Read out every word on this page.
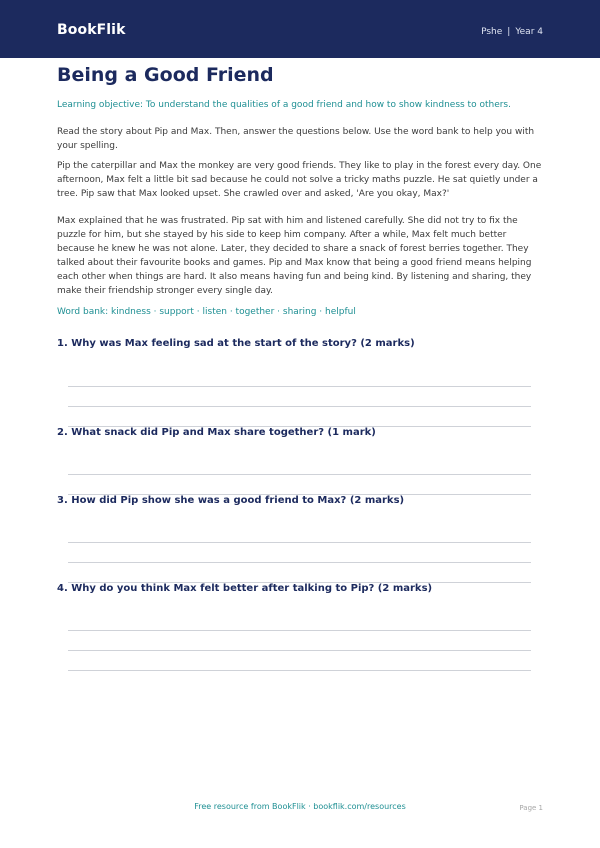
BookFlik	Pshe | Year 4
Being a Good Friend
Learning objective: To understand the qualities of a good friend and how to show kindness to others.
Read the story about Pip and Max. Then, answer the questions below. Use the word bank to help you with your spelling.
Pip the caterpillar and Max the monkey are very good friends. They like to play in the forest every day. One afternoon, Max felt a little bit sad because he could not solve a tricky maths puzzle. He sat quietly under a tree. Pip saw that Max looked upset. She crawled over and asked, 'Are you okay, Max?'
Max explained that he was frustrated. Pip sat with him and listened carefully. She did not try to fix the puzzle for him, but she stayed by his side to keep him company. After a while, Max felt much better because he knew he was not alone. Later, they decided to share a snack of forest berries together. They talked about their favourite books and games. Pip and Max know that being a good friend means helping each other when things are hard. It also means having fun and being kind. By listening and sharing, they make their friendship stronger every single day.
Word bank: kindness · support · listen · together · sharing · helpful
1. Why was Max feeling sad at the start of the story? (2 marks)
2. What snack did Pip and Max share together? (1 mark)
3. How did Pip show she was a good friend to Max? (2 marks)
4. Why do you think Max felt better after talking to Pip? (2 marks)
Free resource from BookFlik · bookflik.com/resources	Page 1
